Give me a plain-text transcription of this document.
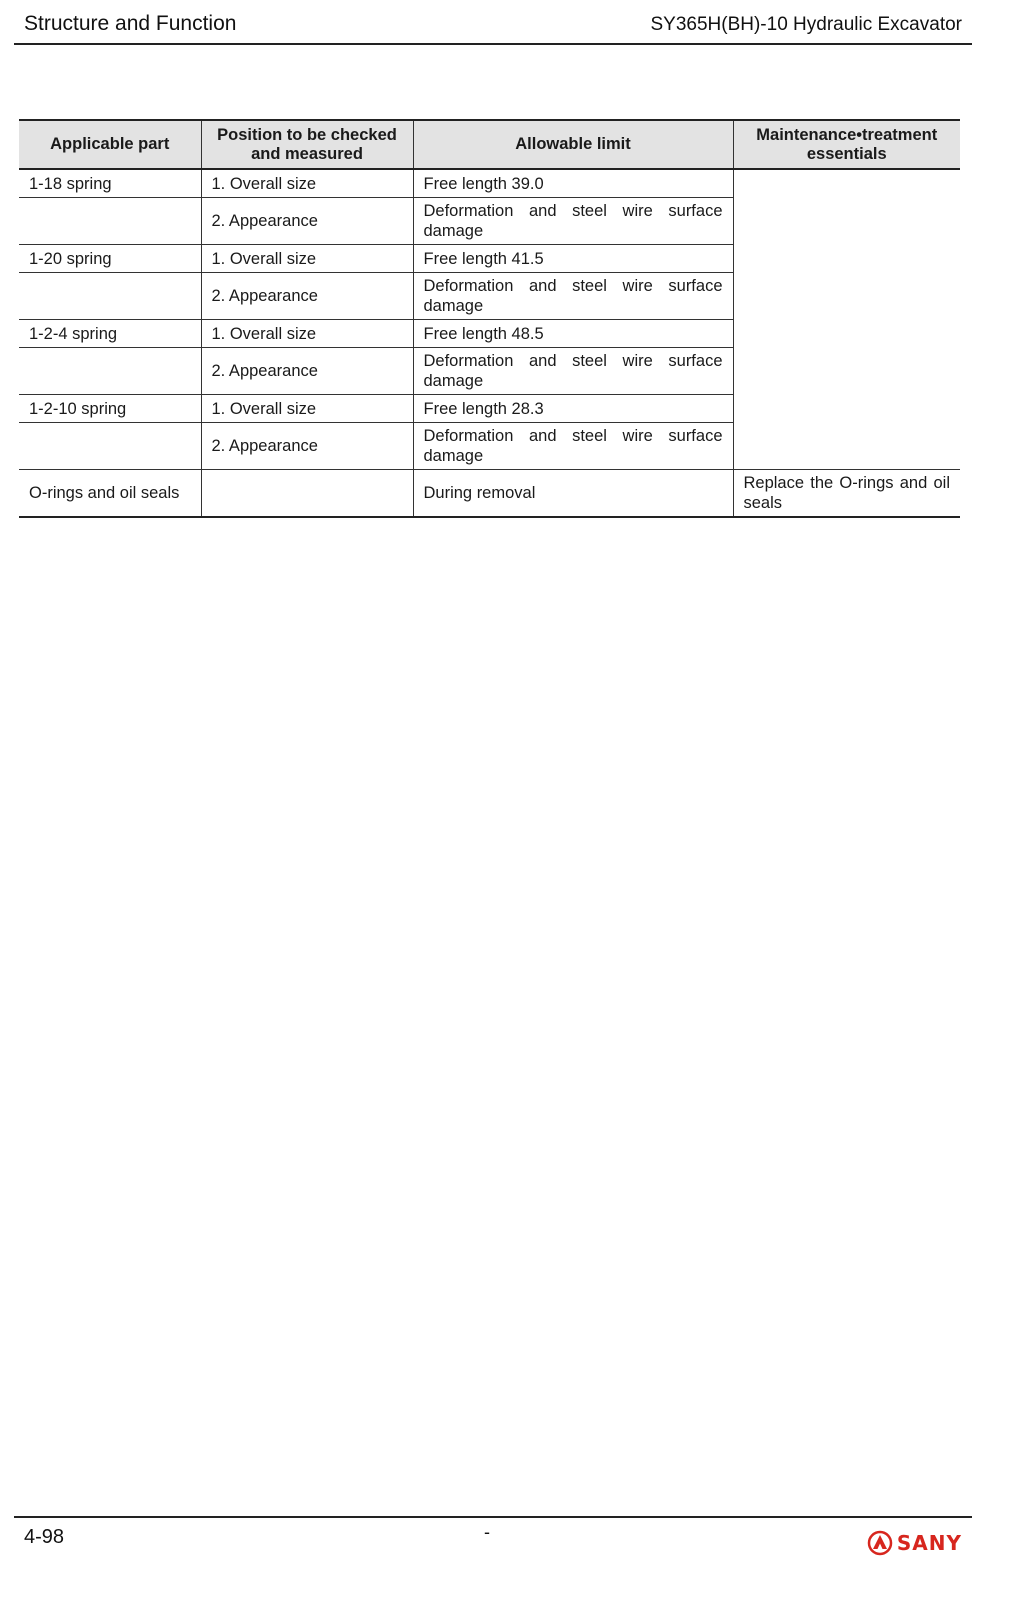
Structure and Function	SY365H(BH)-10 Hydraulic Excavator
Applicable part	Position to be checked and measured	Allowable limit	Maintenance•treatment essentials
1-18 spring	1. Overall size	Free length 39.0	
	2. Appearance	Deformation and steel wire surface damage	
1-20 spring	1. Overall size	Free length 41.5	
	2. Appearance	Deformation and steel wire surface damage	
1-2-4 spring	1. Overall size	Free length 48.5	
	2. Appearance	Deformation and steel wire surface damage	
1-2-10 spring	1. Overall size	Free length 28.3	
	2. Appearance	Deformation and steel wire surface damage	
O-rings and oil seals		During removal	Replace the O-rings and oil seals
4-98	-	SANY
